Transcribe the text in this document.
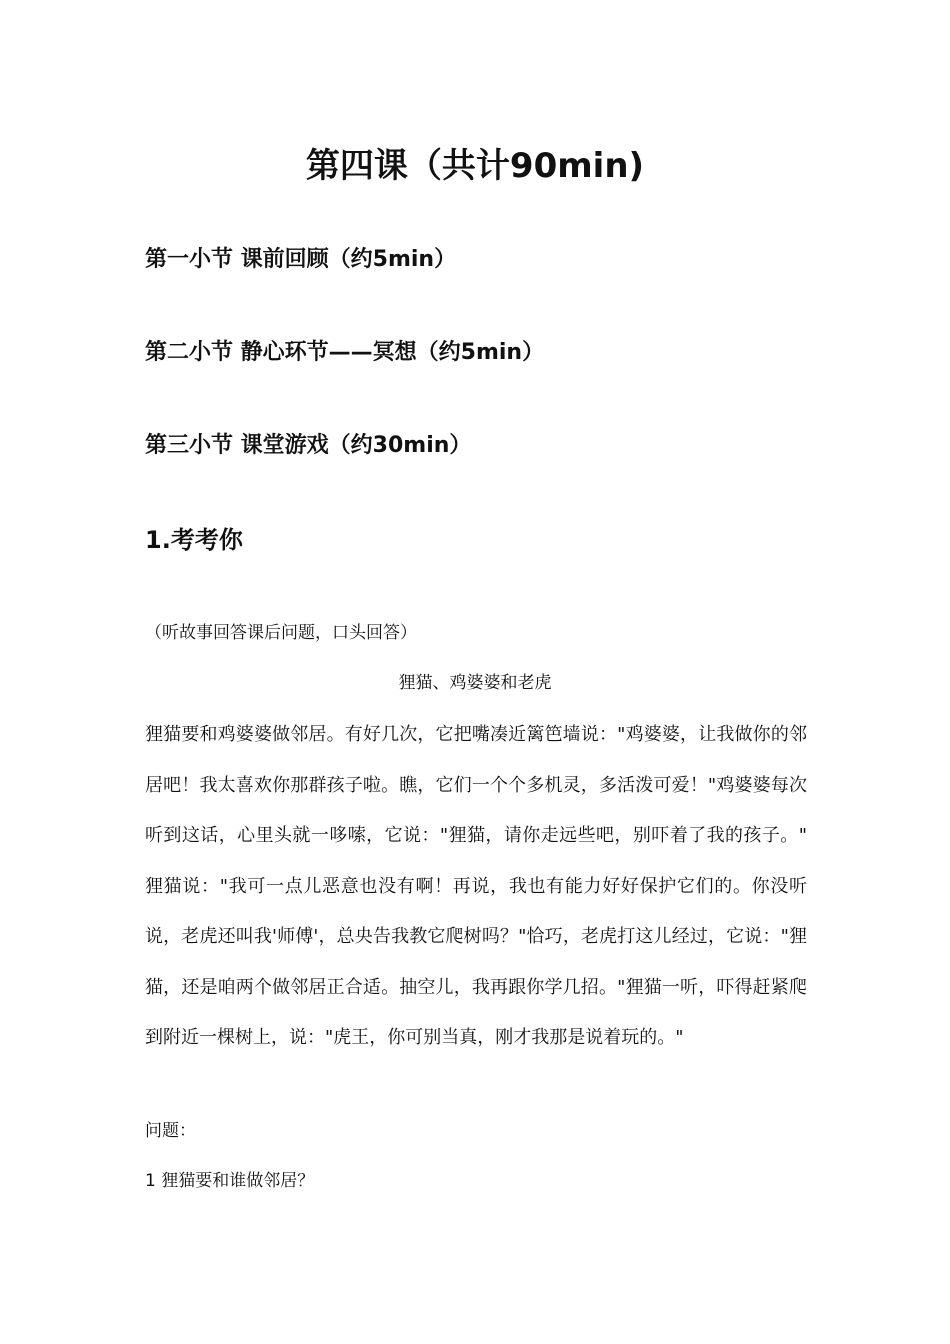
第四课（共计90min)
第一小节 课前回顾（约5min）
第二小节 静心环节——冥想（约5min）
第三小节 课堂游戏（约30min）
1.考考你
（听故事回答课后问题，口头回答）
狸猫、鸡婆婆和老虎

狸猫要和鸡婆婆做邻居。有好几次，它把嘴凑近篱笆墙说："鸡婆婆，让我做你的邻居吧！我太喜欢你那群孩子啦。瞧，它们一个个多机灵，多活泼可爱！"鸡婆婆每次听到这话，心里头就一哆嗦，它说："狸猫，请你走远些吧，别吓着了我的孩子。" 狸猫说："我可一点儿恶意也没有啊！再说，我也有能力好好保护它们的。你没听说，老虎还叫我'师傅'，总央告我教它爬树吗？"恰巧，老虎打这儿经过，它说："狸猫，还是咱两个做邻居正合适。抽空儿，我再跟你学几招。"狸猫一听，吓得赶紧爬到附近一棵树上，说："虎王，你可别当真，刚才我那是说着玩的。"

问题：
1 狸猫要和谁做邻居？
